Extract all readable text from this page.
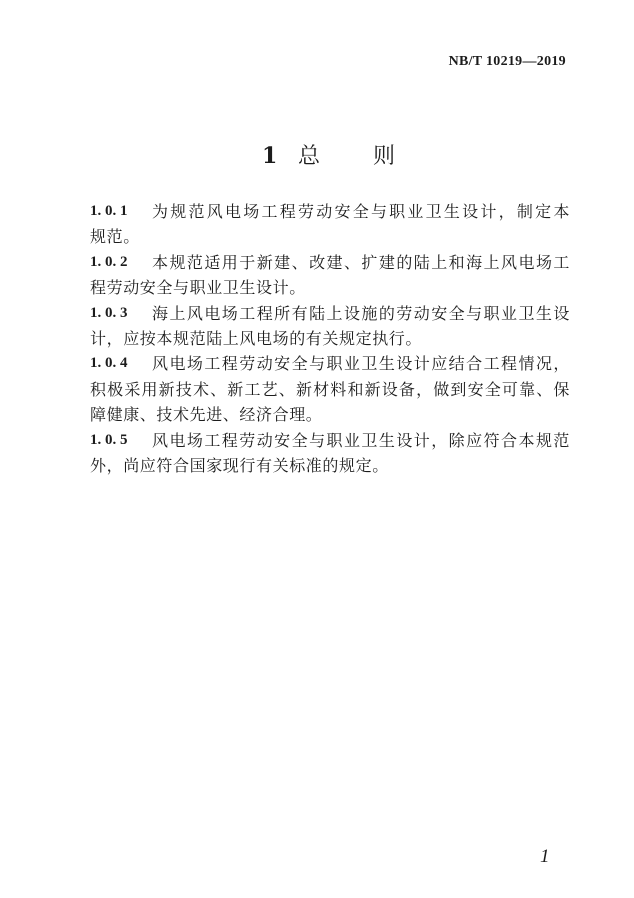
NB/T 10219—2019
1 总 则
1. 0. 1	为规范风电场工程劳动安全与职业卫生设计，制定本
规范。
1. 0. 2	本规范适用于新建、改建、扩建的陆上和海上风电场工
程劳动安全与职业卫生设计。
1. 0. 3	海上风电场工程所有陆上设施的劳动安全与职业卫生设
计，应按本规范陆上风电场的有关规定执行。
1. 0. 4	风电场工程劳动安全与职业卫生设计应结合工程情况，
积极采用新技术、新工艺、新材料和新设备，做到安全可靠、保
障健康、技术先进、经济合理。
1. 0. 5	风电场工程劳动安全与职业卫生设计，除应符合本规范
外，尚应符合国家现行有关标准的规定。
1
